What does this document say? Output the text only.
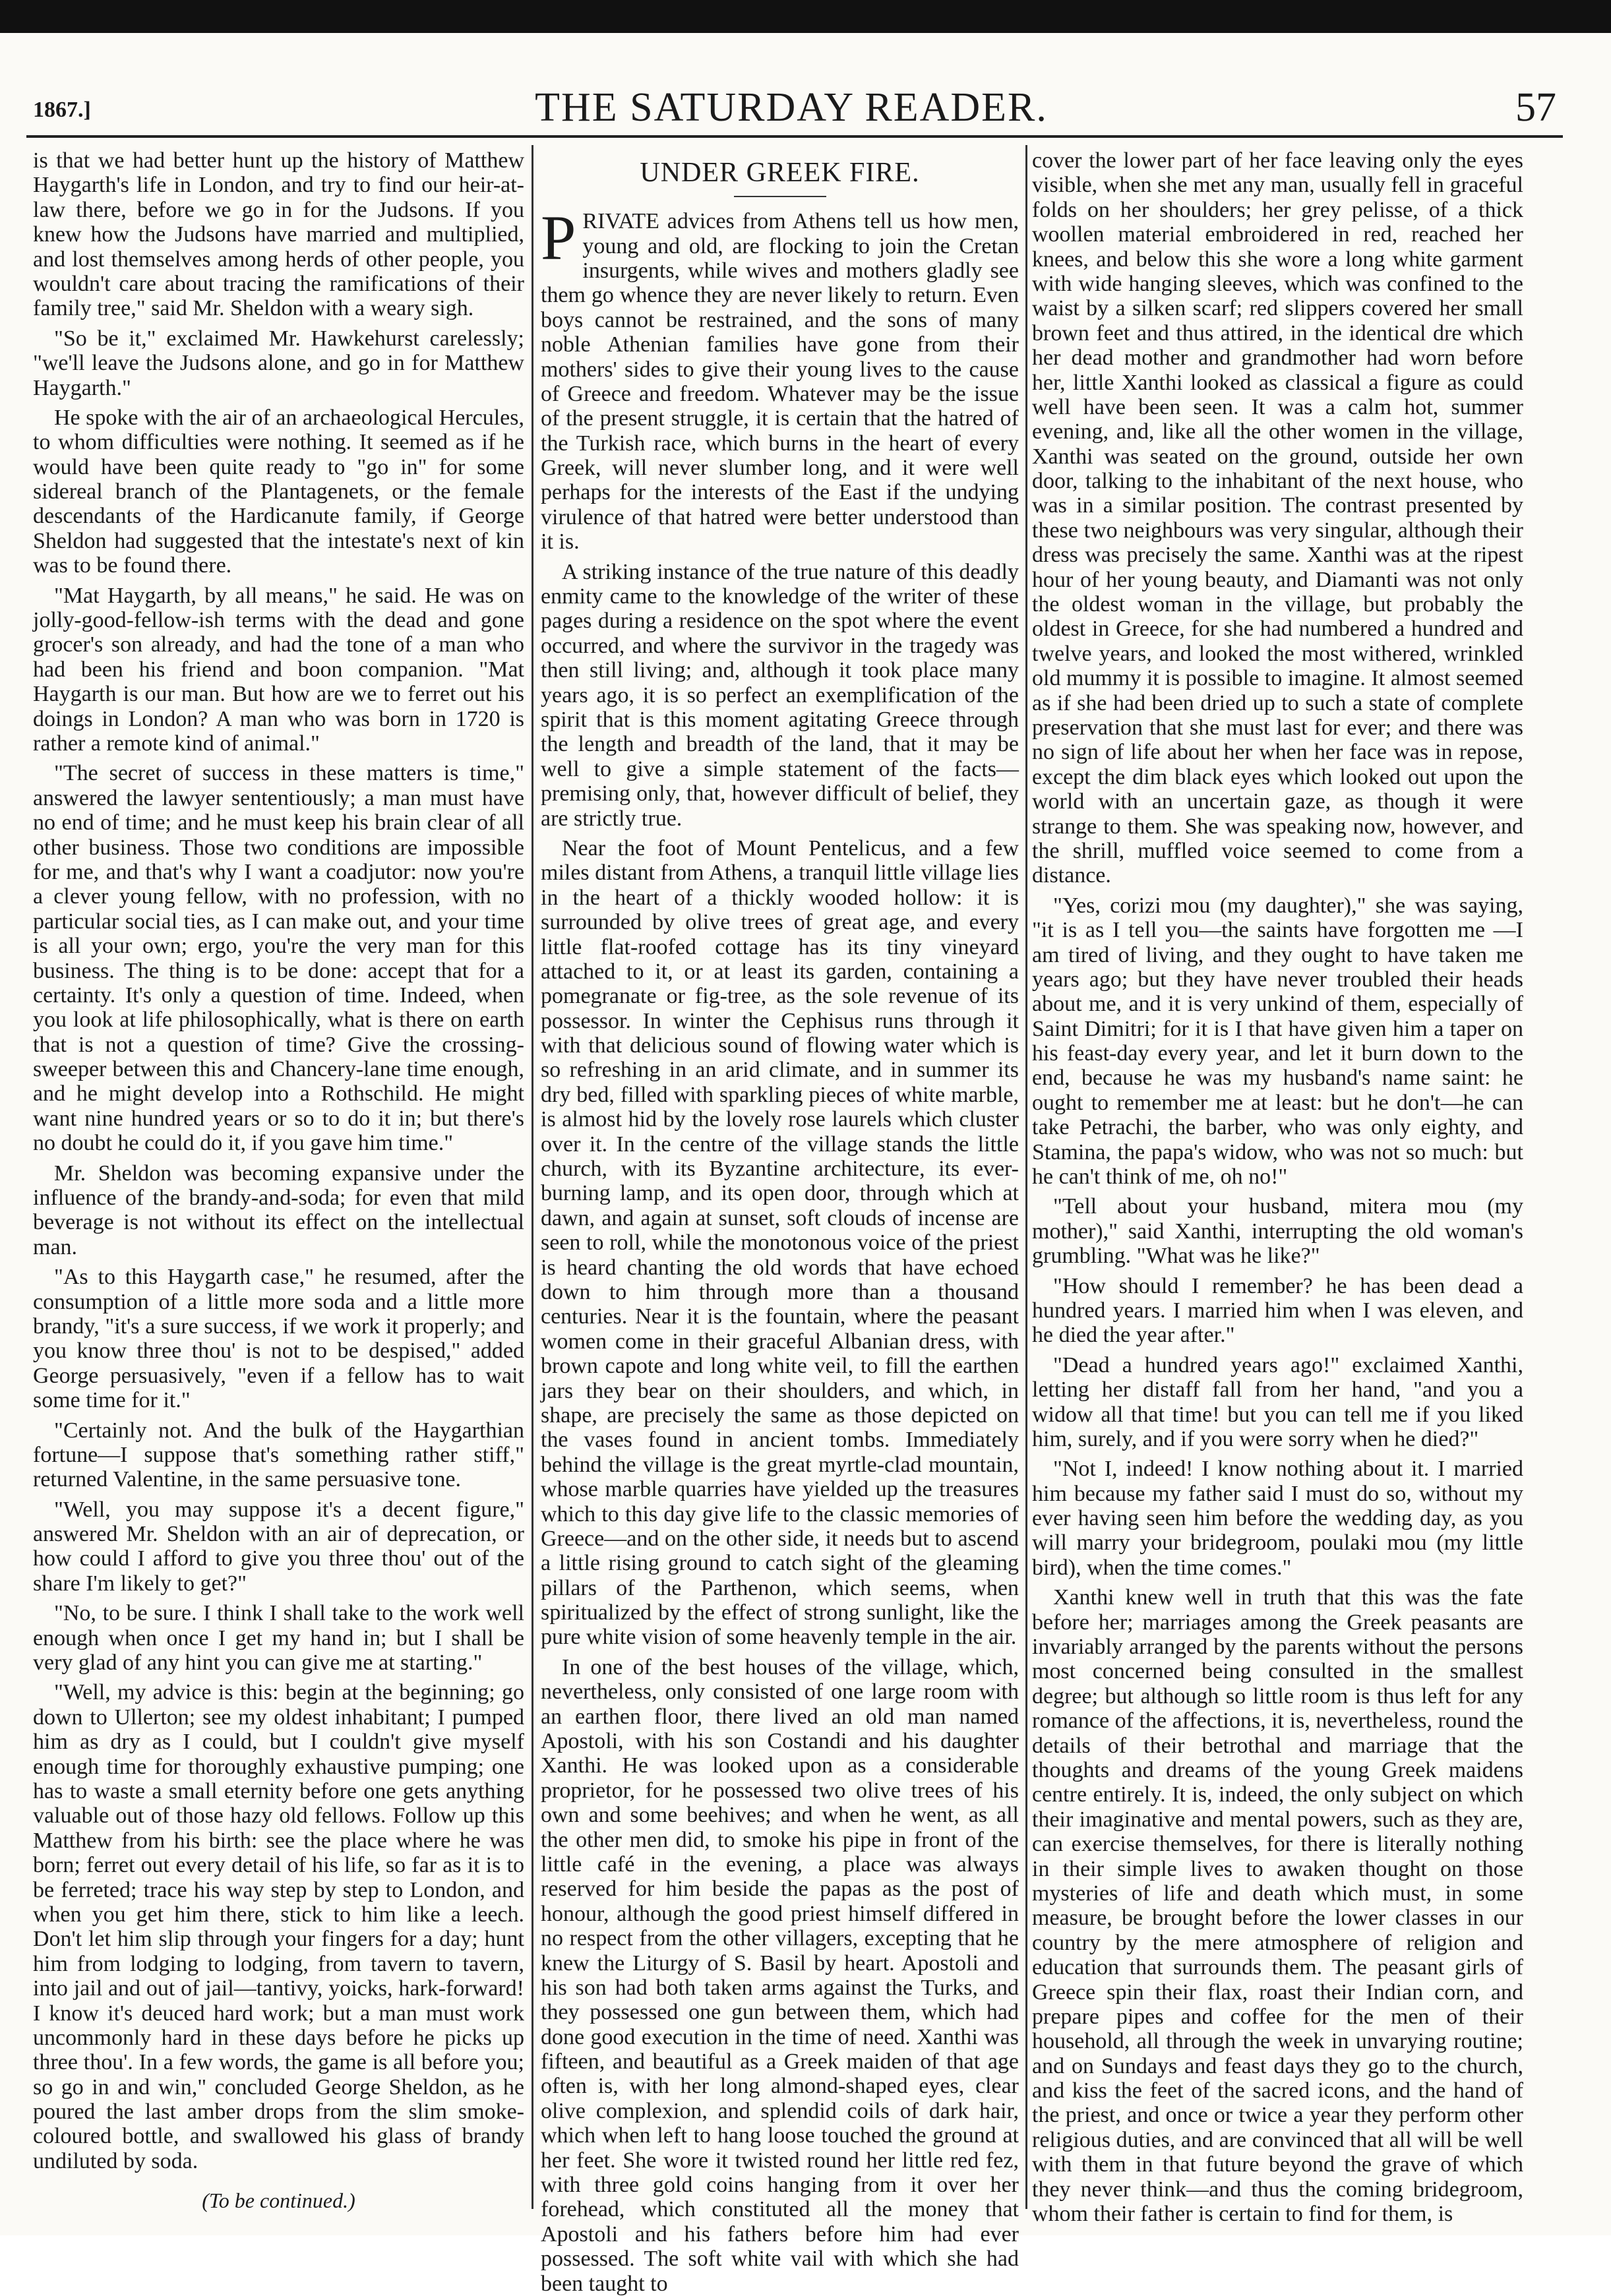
1867.]	THE SATURDAY READER.	57

is that we had better hunt up the history of Matthew Haygarth's life in London, and try to find our heir-at-law there, before we go in for the Judsons. If you knew how the Judsons have married and multiplied, and lost themselves among herds of other people, you wouldn't care about tracing the ramifications of their family tree," said Mr. Sheldon with a weary sigh.

"So be it," exclaimed Mr. Hawkehurst carelessly; "we'll leave the Judsons alone, and go in for Matthew Haygarth."

He spoke with the air of an archaeological Hercules, to whom difficulties were nothing. It seemed as if he would have been quite ready to "go in" for some sidereal branch of the Plantagenets, or the female descendants of the Hardicanute family, if George Sheldon had suggested that the intestate's next of kin was to be found there.

"Mat Haygarth, by all means," he said. He was on jolly-good-fellow-ish terms with the dead and gone grocer's son already, and had the tone of a man who had been his friend and boon companion. "Mat Haygarth is our man. But how are we to ferret out his doings in London? A man who was born in 1720 is rather a remote kind of animal."

"The secret of success in these matters is time," answered the lawyer sententiously; a man must have no end of time; and he must keep his brain clear of all other business. Those two conditions are impossible for me, and that's why I want a coadjutor: now you're a clever young fellow, with no profession, with no particular social ties, as I can make out, and your time is all your own; ergo, you're the very man for this business. The thing is to be done: accept that for a certainty. It's only a question of time. Indeed, when you look at life philosophically, what is there on earth that is not a question of time? Give the crossing-sweeper between this and Chancery-lane time enough, and he might develop into a Rothschild. He might want nine hundred years or so to do it in; but there's no doubt he could do it, if you gave him time."

Mr. Sheldon was becoming expansive under the influence of the brandy-and-soda; for even that mild beverage is not without its effect on the intellectual man.

"As to this Haygarth case," he resumed, after the consumption of a little more soda and a little more brandy, "it's a sure success, if we work it properly; and you know three thou' is not to be despised," added George persuasively, "even if a fellow has to wait some time for it."

"Certainly not. And the bulk of the Haygarthian fortune—I suppose that's something rather stiff," returned Valentine, in the same persuasive tone.

"Well, you may suppose it's a decent figure," answered Mr. Sheldon with an air of deprecation, or how could I afford to give you three thou' out of the share I'm likely to get?"

"No, to be sure. I think I shall take to the work well enough when once I get my hand in; but I shall be very glad of any hint you can give me at starting."

"Well, my advice is this: begin at the beginning; go down to Ullerton; see my oldest inhabitant; I pumped him as dry as I could, but I couldn't give myself enough time for thoroughly exhaustive pumping; one has to waste a small eternity before one gets anything valuable out of those hazy old fellows. Follow up this Matthew from his birth: see the place where he was born; ferret out every detail of his life, so far as it is to be ferreted; trace his way step by step to London, and when you get him there, stick to him like a leech. Don't let him slip through your fingers for a day; hunt him from lodging to lodging, from tavern to tavern, into jail and out of jail—tantivy, yoicks, hark-forward! I know it's deuced hard work; but a man must work uncommonly hard in these days before he picks up three thou'. In a few words, the game is all before you; so go in and win," concluded George Sheldon, as he poured the last amber drops from the slim smoke-coloured bottle, and swallowed his glass of brandy undiluted by soda.

(To be continued.)
UNDER GREEK FIRE.

PRIVATE advices from Athens tell us how men, young and old, are flocking to join the Cretan insurgents, while wives and mothers gladly see them go whence they are never likely to return. Even boys cannot be restrained, and the sons of many noble Athenian families have gone from their mothers' sides to give their young lives to the cause of Greece and freedom. Whatever may be the issue of the present struggle, it is certain that the hatred of the Turkish race, which burns in the heart of every Greek, will never slumber long, and it were well perhaps for the interests of the East if the undying virulence of that hatred were better understood than it is.

A striking instance of the true nature of this deadly enmity came to the knowledge of the writer of these pages during a residence on the spot where the event occurred, and where the survivor in the tragedy was then still living; and, although it took place many years ago, it is so perfect an exemplification of the spirit that is this moment agitating Greece through the length and breadth of the land, that it may be well to give a simple statement of the facts—premising only, that, however difficult of belief, they are strictly true.

Near the foot of Mount Pentelicus, and a few miles distant from Athens, a tranquil little village lies in the heart of a thickly wooded hollow: it is surrounded by olive trees of great age, and every little flat-roofed cottage has its tiny vineyard attached to it, or at least its garden, containing a pomegranate or fig-tree, as the sole revenue of its possessor. In winter the Cephisus runs through it with that delicious sound of flowing water which is so refreshing in an arid climate, and in summer its dry bed, filled with sparkling pieces of white marble, is almost hid by the lovely rose laurels which cluster over it. In the centre of the village stands the little church, with its Byzantine architecture, its ever-burning lamp, and its open door, through which at dawn, and again at sunset, soft clouds of incense are seen to roll, while the monotonous voice of the priest is heard chanting the old words that have echoed down to him through more than a thousand centuries. Near it is the fountain, where the peasant women come in their graceful Albanian dress, with brown capote and long white veil, to fill the earthen jars they bear on their shoulders, and which, in shape, are precisely the same as those depicted on the vases found in ancient tombs. Immediately behind the village is the great myrtle-clad mountain, whose marble quarries have yielded up the treasures which to this day give life to the classic memories of Greece—and on the other side, it needs but to ascend a little rising ground to catch sight of the gleaming pillars of the Parthenon, which seems, when spiritualized by the effect of strong sunlight, like the pure white vision of some heavenly temple in the air.

In one of the best houses of the village, which, nevertheless, only consisted of one large room with an earthen floor, there lived an old man named Apostoli, with his son Costandi and his daughter Xanthi. He was looked upon as a considerable proprietor, for he possessed two olive trees of his own and some beehives; and when he went, as all the other men did, to smoke his pipe in front of the little café in the evening, a place was always reserved for him beside the papas as the post of honour, although the good priest himself differed in no respect from the other villagers, excepting that he knew the Liturgy of S. Basil by heart. Apostoli and his son had both taken arms against the Turks, and they possessed one gun between them, which had done good execution in the time of need. Xanthi was fifteen, and beautiful as a Greek maiden of that age often is, with her long almond-shaped eyes, clear olive complexion, and splendid coils of dark hair, which when left to hang loose touched the ground at her feet. She wore it twisted round her little red fez, with three gold coins hanging from it over her forehead, which constituted all the money that Apostoli and his fathers before him had ever possessed. The soft white vail with which she had been taught to

cover the lower part of her face leaving only the eyes visible, when she met any man, usually fell in graceful folds on her shoulders; her grey pelisse, of a thick woollen material embroidered in red, reached her knees, and below this she wore a long white garment with wide hanging sleeves, which was confined to the waist by a silken scarf; red slippers covered her small brown feet and thus attired, in the identical dre which her dead mother and grandmother had worn before her, little Xanthi looked as classical a figure as could well have been seen. It was a calm hot, summer evening, and, like all the other women in the village, Xanthi was seated on the ground, outside her own door, talking to the inhabitant of the next house, who was in a similar position. The contrast presented by these two neighbours was very singular, although their dress was precisely the same. Xanthi was at the ripest hour of her young beauty, and Diamanti was not only the oldest woman in the village, but probably the oldest in Greece, for she had numbered a hundred and twelve years, and looked the most withered, wrinkled old mummy it is possible to imagine. It almost seemed as if she had been dried up to such a state of complete preservation that she must last for ever; and there was no sign of life about her when her face was in repose, except the dim black eyes which looked out upon the world with an uncertain gaze, as though it were strange to them. She was speaking now, however, and the shrill, muffled voice seemed to come from a distance.

"Yes, corizi mou (my daughter)," she was saying, "it is as I tell you—the saints have forgotten me —I am tired of living, and they ought to have taken me years ago; but they have never troubled their heads about me, and it is very unkind of them, especially of Saint Dimitri; for it is I that have given him a taper on his feast-day every year, and let it burn down to the end, because he was my husband's name saint: he ought to remember me at least: but he don't—he can take Petrachi, the barber, who was only eighty, and Stamina, the papa's widow, who was not so much: but he can't think of me, oh no!"

"Tell about your husband, mitera mou (my mother)," said Xanthi, interrupting the old woman's grumbling. "What was he like?"

"How should I remember? he has been dead a hundred years. I married him when I was eleven, and he died the year after."

"Dead a hundred years ago!" exclaimed Xanthi, letting her distaff fall from her hand, "and you a widow all that time! but you can tell me if you liked him, surely, and if you were sorry when he died?"

"Not I, indeed! I know nothing about it. I married him because my father said I must do so, without my ever having seen him before the wedding day, as you will marry your bridegroom, poulaki mou (my little bird), when the time comes."

Xanthi knew well in truth that this was the fate before her; marriages among the Greek peasants are invariably arranged by the parents without the persons most concerned being consulted in the smallest degree; but although so little room is thus left for any romance of the affections, it is, nevertheless, round the details of their betrothal and marriage that the thoughts and dreams of the young Greek maidens centre entirely. It is, indeed, the only subject on which their imaginative and mental powers, such as they are, can exercise themselves, for there is literally nothing in their simple lives to awaken thought on those mysteries of life and death which must, in some measure, be brought before the lower classes in our country by the mere atmosphere of religion and education that surrounds them. The peasant girls of Greece spin their flax, roast their Indian corn, and prepare pipes and coffee for the men of their household, all through the week in unvarying routine; and on Sundays and feast days they go to the church, and kiss the feet of the sacred icons, and the hand of the priest, and once or twice a year they perform other religious duties, and are convinced that all will be well with them in that future beyond the grave of which they never think—and thus the coming bridegroom, whom their father is certain to find for them, is
